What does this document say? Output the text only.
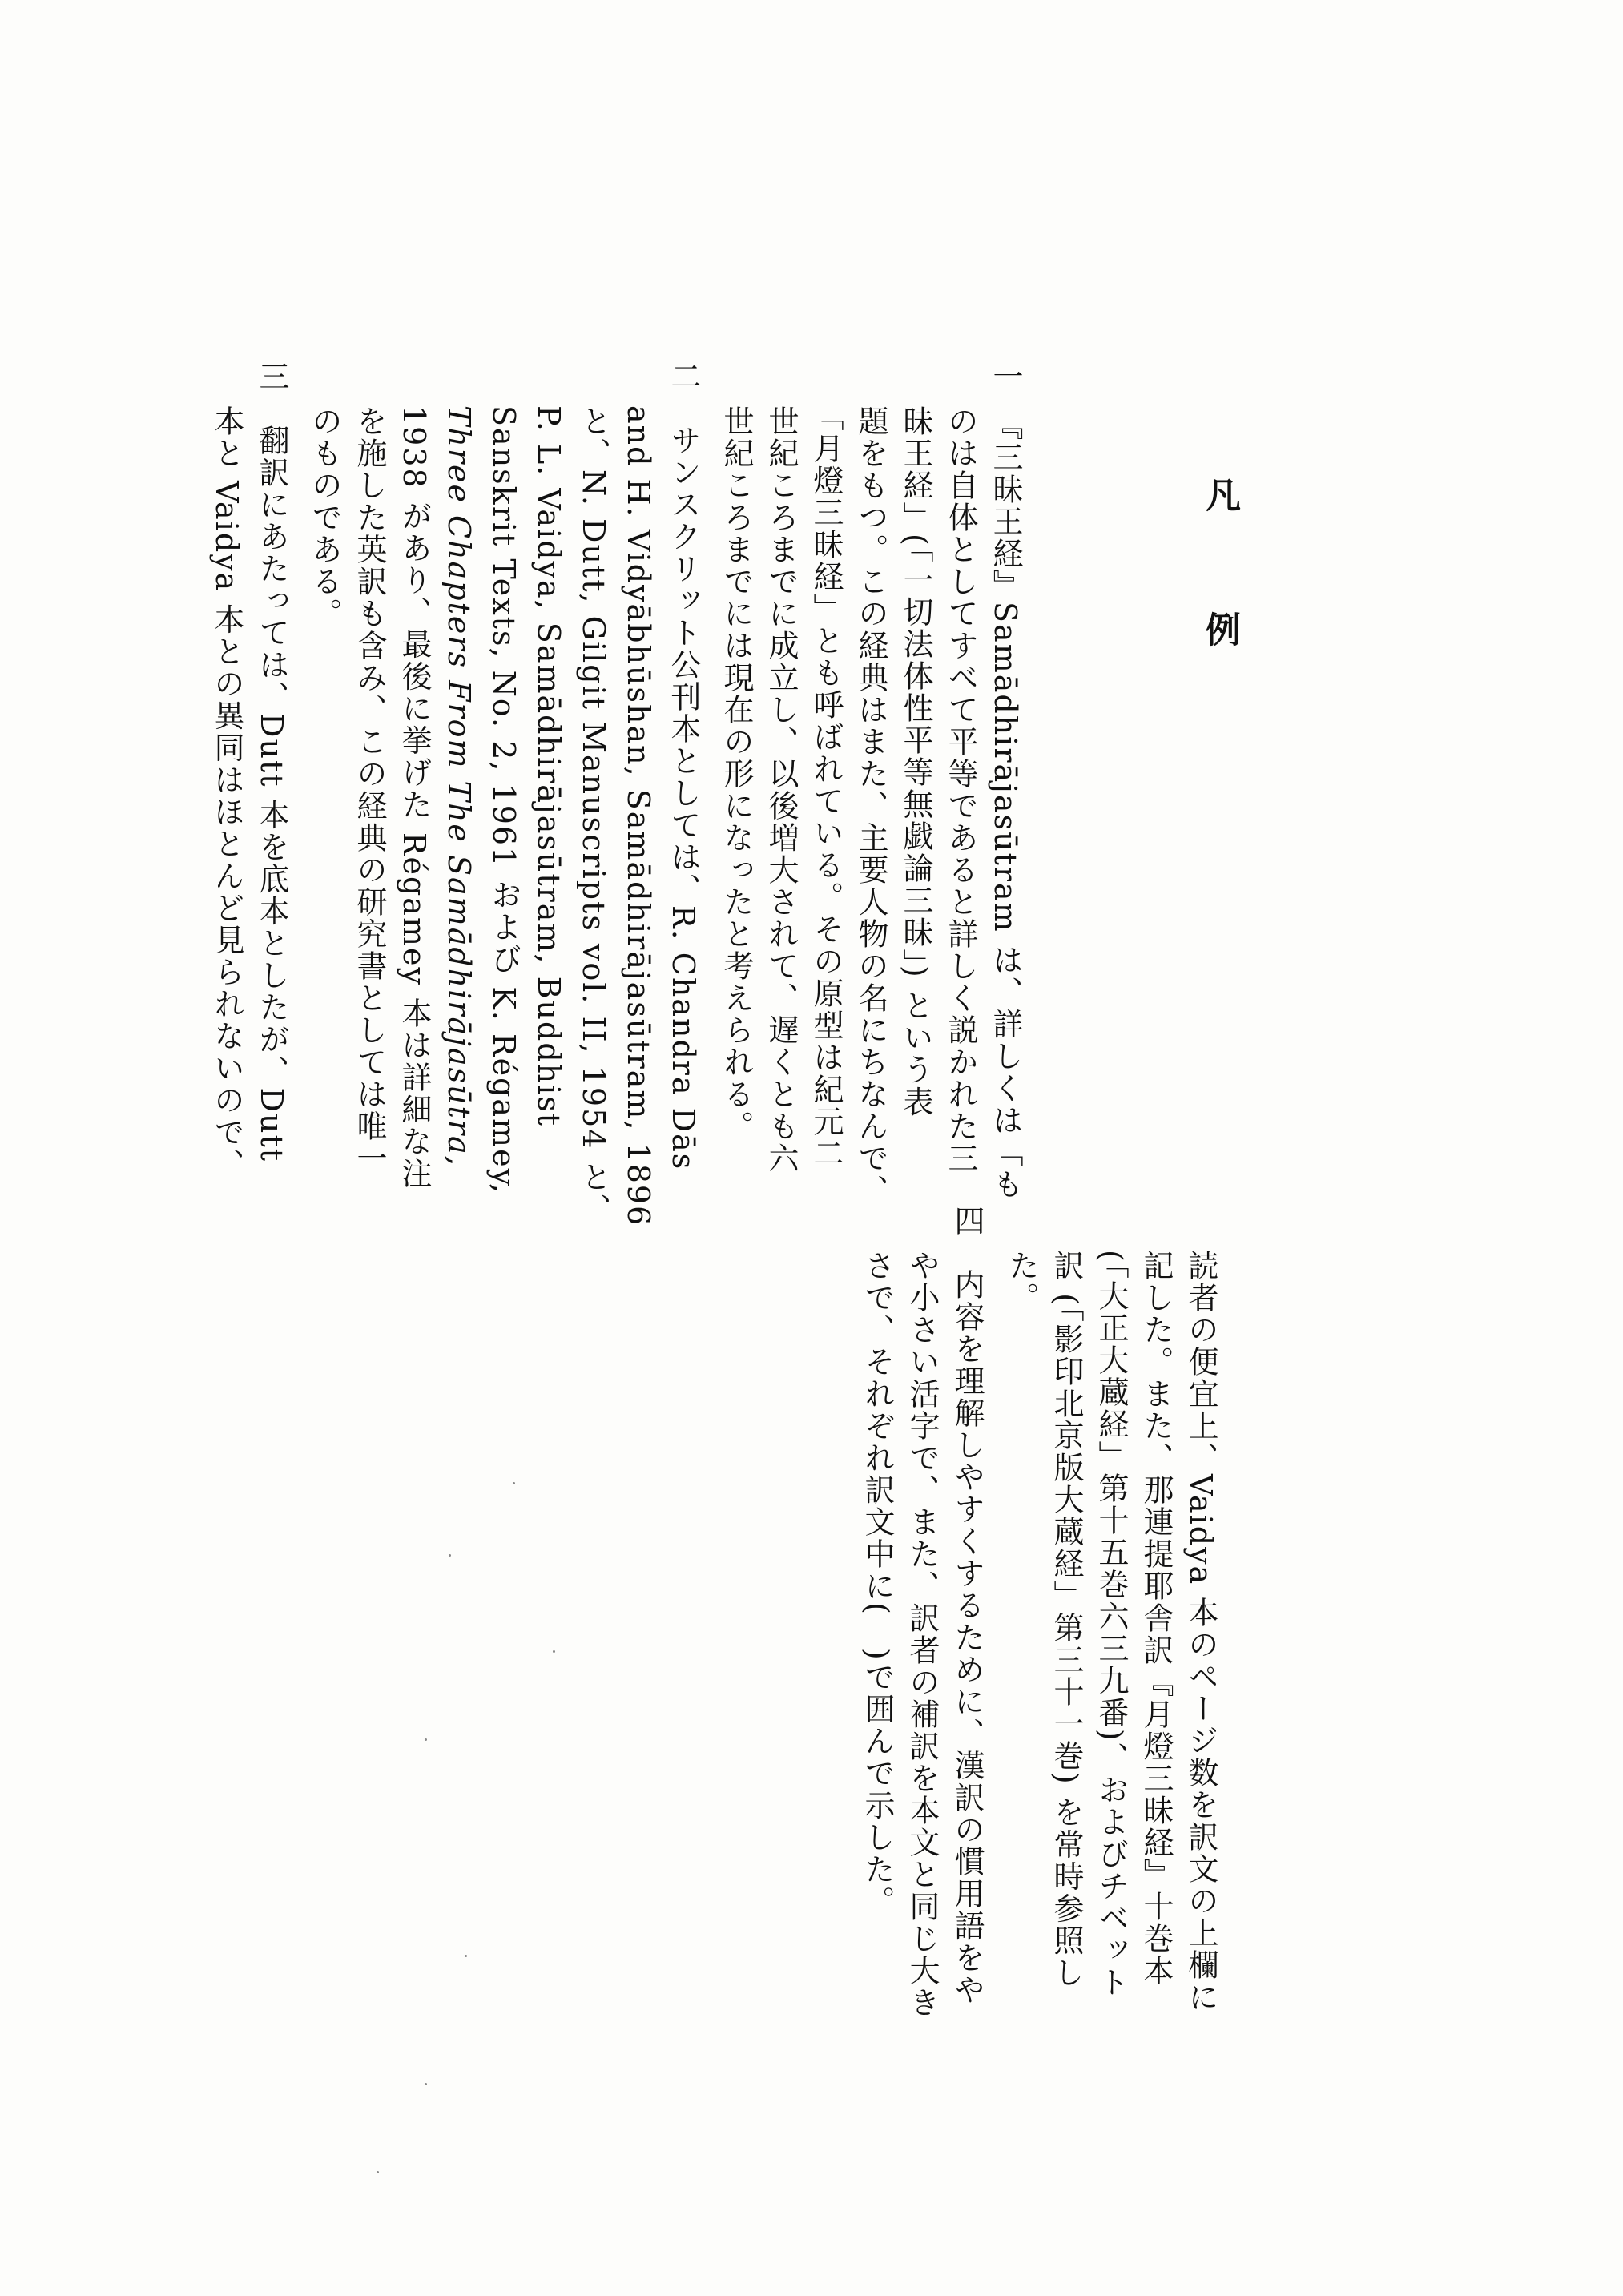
凡　例
一　『三昧王経』Samādhirājasūtram は、詳しくは「も
のは自体としてすべて平等であると詳しく説かれた三
昧王経」(「一切法体性平等無戯論三昧」) という表
題をもつ。この経典はまた、主要人物の名にちなんで、
「月燈三昧経」とも呼ばれている。その原型は紀元二
世紀ころまでに成立し、以後増大されて、遅くとも六
世紀ころまでには現在の形になったと考えられる。
二　サンスクリット公刊本としては、R. Chandra Dās
and H. Vidyābhūshan, Samādhirājasūtram, 1896
と、N. Dutt, Gilgit Manuscripts vol. II, 1954 と、
P. L. Vaidya, Samādhirājasūtram, Buddhist
Sanskrit Texts, No. 2, 1961 および K. Régamey,
Three Chapters From The Samādhirājasūtra,
1938 があり、最後に挙げた Régamey 本は詳細な注
を施した英訳も含み、この経典の研究書としては唯一
のものである。
三　翻訳にあたっては、Dutt 本を底本としたが、Dutt
本と Vaidya 本との異同はほとんど見られないので、
読者の便宜上、Vaidya 本のページ数を訳文の上欄に
記した。また、那連提耶舎訳『月燈三昧経』十巻本
(「大正大蔵経」第十五巻六三九番)、およびチベット
訳 (「影印北京版大蔵経」第三十一巻) を常時参照し
た。
四　内容を理解しやすくするために、漢訳の慣用語をや
や小さい活字で、また、訳者の補訳を本文と同じ大き
さで、それぞれ訳文中に(　)で囲んで示した。
